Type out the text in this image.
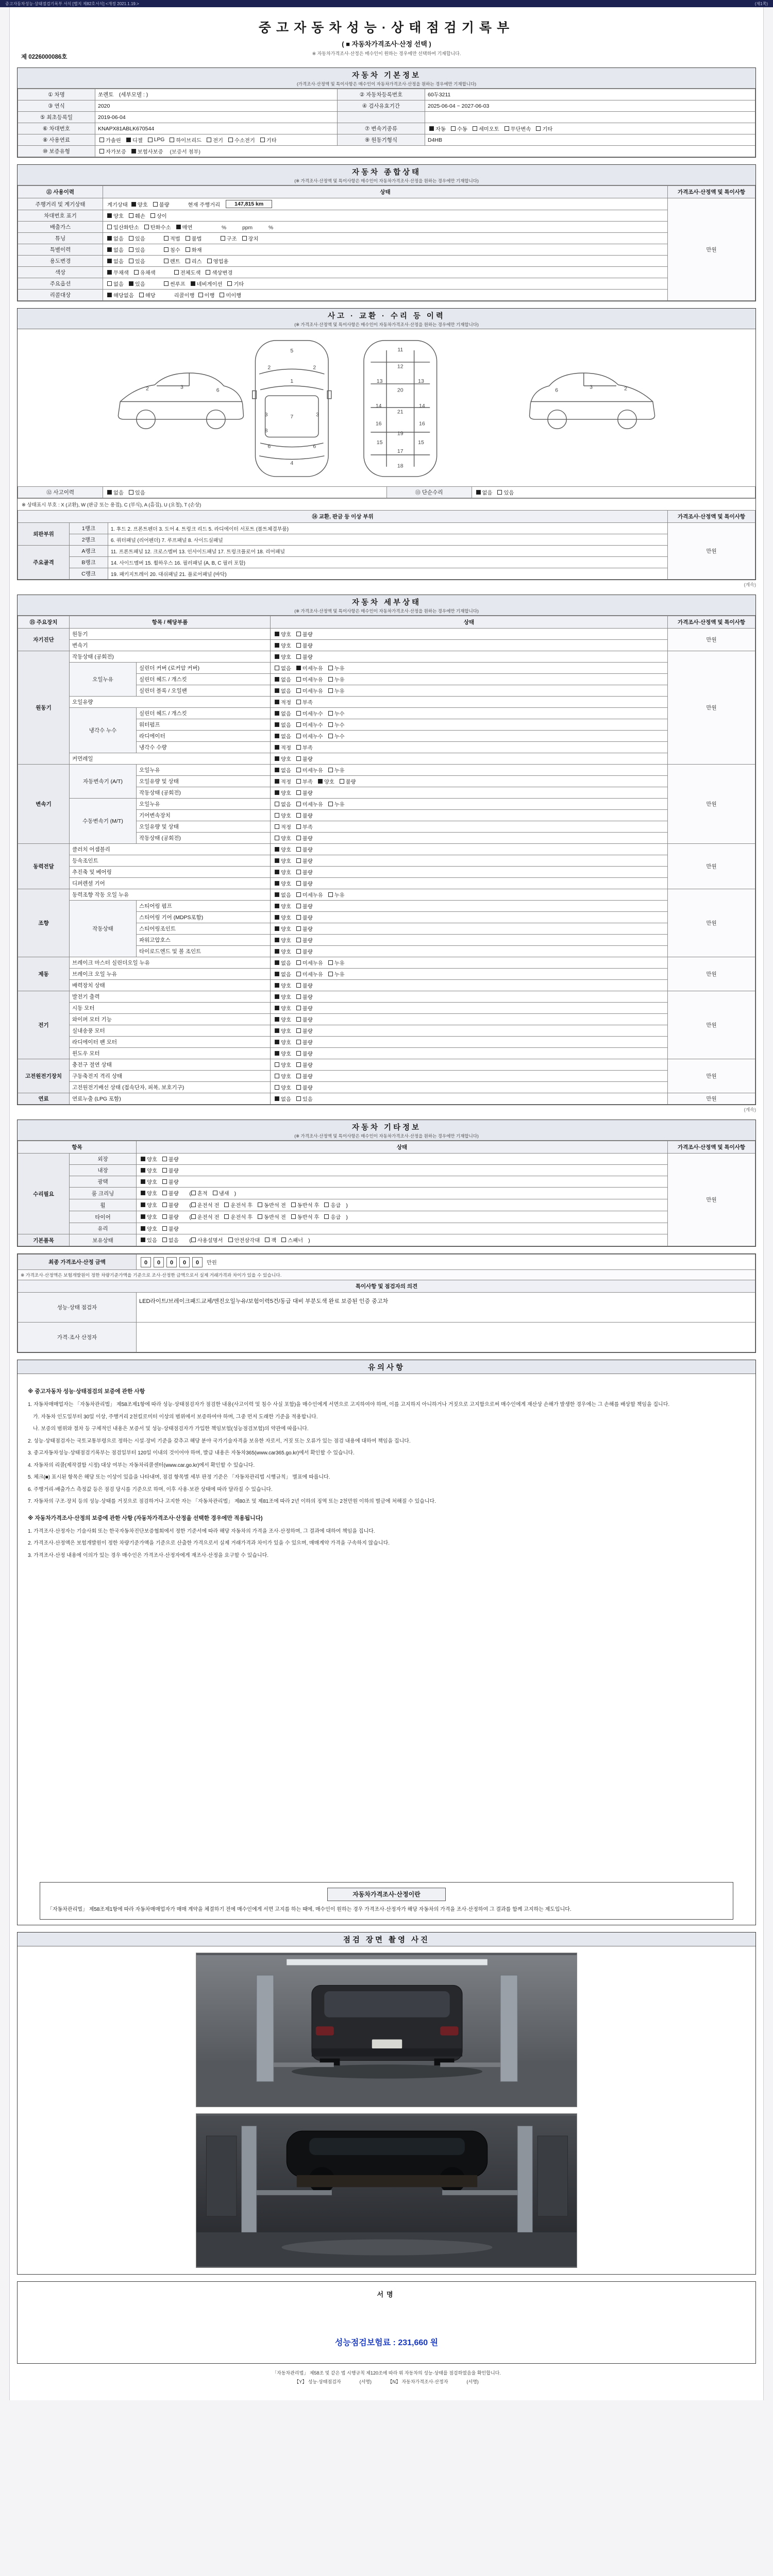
중고자동차성능·상태점검기록부 서식 [별지 제82호서식] <개정 2021.1.19.>	(제1쪽)
중고자동차성능·상태점검기록부
( ■ 자동차가격조사·산정 선택 )
※ 자동차가격조사·산정은 매수인이 원하는 경우에만 선택하여 기재합니다.
제 0226000086호
자동차 기본정보
(가격조사·산정액 및 특이사항은 매수인이 자동차가격조사·산정을 원하는 경우에만 기재합니다)
① 차명	쏘렌토　(세부모델 : )	② 자동차등록번호	60두3211
③ 연식	2020	④ 검사유효기간	2025-06-04 ~ 2027-06-03
⑤ 최초등록일	2019-06-04		
⑥ 차대번호	KNAPX81ABLK670544	⑦ 변속기종류	자동 수동 세미오토 무단변속 기타

⑧ 사용연료	가솔린 디젤 LPG 하이브리드 전기 수소전기 기타	⑨ 원동기형식	D4HB
⑩ 보증유형	자가보증 보험사보증 (보증서 첨부)		
자동차 종합상태
(※ 가격조사·산정액 및 특이사항은 매수인이 자동차가격조사·산정을 원하는 경우에만 기재합니다)
⑪ 사용이력	상태	가격조사·산정액 및 특이사항
주행거리 및 계기상태	계기상태 양호 불량 현재 주행거리 147,815 km	만원
차대번호 표기	양호 훼손 상이	

배출가스	일산화탄소 탄화수소 매연 　　%　　　ppm　　　%	

튜닝	없음 있음	적법 불법	구조 장치

특별이력	없음 있음 침수 화재	

용도변경	없음 있음 렌트 리스 영업용	

색상	무채색 유채색 전체도색 색상변경	

주요옵션	없음 있음 썬루프 네비게이션 기타	

리콜대상	해당없음 해당 리콜이행 이행 미이행	
사고 · 교환 · 수리 등 이력
(※ 가격조사·산정액 및 특이사항은 매수인이 자동차가격조사·산정을 원하는 경우에만 기재합니다)
2	3	6
5
2	2
1
3	7	3
8
6	6
4
11
12
13	13
20
14	14
21
16	16
19
15	15
17
18
6	3	2
⑫ 사고이력	없음 있음	⑬ 단순수리	없음 있음
※ 상태표시 부호 : X (교환), W (판금 또는 용접), C (부식), A (흠집), U (요철), T (손상)
⑭ 교환, 판금 등 이상 부위			가격조사·산정액 및 특이사항
외판부위	1랭크	1. 후드 2. 프론트펜더 3. 도어 4. 트렁크 리드 5. 라디에이터 서포트 (볼트체결부품)	만원
	2랭크	6. 쿼터패널 (리어펜더) 7. 루프패널 8. 사이드실패널	
주요골격	A랭크	11. 프론트패널 12. 크로스멤버 13. 인사이드패널 17. 트렁크플로어 18. 리어패널	
	B랭크	14. 사이드멤버 15. 휠하우스 16. 필러패널 (A, B, C 필러 포함)	
	C랭크	19. 패키지트레이 20. 대쉬패널 21. 플로어패널 (바닥)	
(계속)
자동차 세부상태
(※ 가격조사·산정액 및 특이사항은 매수인이 자동차가격조사·산정을 원하는 경우에만 기재합니다)
⑮ 주요장치	항목 / 해당부품		상태	가격조사·산정액 및 특이사항
자기진단	원동기		양호 불량	만원
	변속기		양호 불량	

원동기	작동상태 (공회전)		양호 불량	만원
	오일누유	실린더 커버 (로커암 커버)	없음 미세누유 누유	

		실린더 헤드 / 개스킷	없음 미세누유 누유	

		실린더 블록 / 오일팬	없음 미세누유 누유	

	오일유량		적정 부족	

	냉각수 누수	실린더 헤드 / 개스킷	없음 미세누수 누수	

		워터펌프	없음 미세누수 누수	

		라디에이터	없음 미세누수 누수	

		냉각수 수량	적정 부족	

	커먼레일		양호 불량	

변속기	자동변속기 (A/T)	오일누유	없음 미세누유 누유	만원
		오일유량 및 상태	적정 부족 양호 불량	

		작동상태 (공회전)	양호 불량	

	수동변속기 (M/T)	오일누유	없음 미세누유 누유	

		기어변속장치	양호 불량	

		오일유량 및 상태	적정 부족	

		작동상태 (공회전)	양호 불량	

동력전달	클러치 어셈블리		양호 불량	만원
	등속조인트		양호 불량	

	추진축 및 베어링		양호 불량	

	디퍼렌셜 기어		양호 불량	

조향	동력조향 작동 오일 누유		없음 미세누유 누유	만원
	작동상태	스티어링 펌프	양호 불량	

		스티어링 기어 (MDPS포함)	양호 불량	

		스티어링조인트	양호 불량	

		파워고압호스	양호 불량	

		타이로드엔드 및 볼 조인트	양호 불량	

제동	브레이크 마스터 실린더오일 누유		없음 미세누유 누유	만원
	브레이크 오일 누유		없음 미세누유 누유	

	배력장치 상태		양호 불량	

전기	발전기 출력		양호 불량	만원
	시동 모터		양호 불량	

	와이퍼 모터 기능		양호 불량	

	실내송풍 모터		양호 불량	

	라디에이터 팬 모터		양호 불량	

	윈도우 모터		양호 불량	

고전원전기장치	충전구 절연 상태		양호 불량	만원
	구동축전지 격리 상태		양호 불량	

	고전원전기배선 상태 (접속단자, 피복, 보호기구)		양호 불량	

연료	연료누출 (LPG 포함)		없음 있음	만원
(계속)
자동차 기타정보
(※ 가격조사·산정액 및 특이사항은 매수인이 자동차가격조사·산정을 원하는 경우에만 기재합니다)
항목		상태	가격조사·산정액 및 특이사항
수리필요	외장	양호 불량	만원
	내장	양호 불량	

	광택	양호 불량	

룸 크리닝	양호 불량 　( 흔적 냄새 )
휠	양호 불량 　( 운전석 전 운전석 후 동반석 전 동반석 후 응급 )
타이어	양호 불량 　( 운전석 전 운전석 후 동반석 전 동반석 후 응급 )
	유리	양호 불량	

기본품목	보유상태	있음 없음 　( 사용설명서 안전삼각대 잭 스패너 )
최종 가격조사·산정 금액	0 0 0 0 0 만원
※ 가격조사·산정액은 보험개발원이 정한 차량기준가액을 기준으로 조사·산정한 금액으로서 실제 거래가격과 차이가 있을 수 있습니다.	
특이사항 및 점검자의 의견	
성능·상태 점검자	LED라이트/브레이크패드교체/엔진오일누유/보험이력5건/동급 대비 부분도색 완료 보증된 인증 중고차
가격·조사 산정자	
유의사항
※ 중고자동차 성능·상태점검의 보증에 관한 사항
1. 자동차매매업자는 「자동차관리법」 제58조제1항에 따라 성능·상태점검자가 점검한 내용(사고이력 및 침수 사실 포함)을 매수인에게 서면으로 고지하여야 하며, 이를 고지하지 아니하거나 거짓으로 고지함으로써 매수인에게 재산상 손해가 발생한 경우에는 그 손해를 배상할 책임을 집니다.
　가. 자동차 인도일부터 30일 이상, 주행거리 2천킬로미터 이상의 범위에서 보증하여야 하며, 그중 먼저 도래한 기준을 적용합니다.
　나. 보증의 범위와 절차 등 구체적인 내용은 보증서 및 성능·상태점검자가 가입한 책임보험(성능점검보험)의 약관에 따릅니다.
2. 성능·상태점검자는 국토교통부령으로 정하는 시설·장비 기준을 갖추고 해당 분야 국가기술자격을 보유한 자로서, 거짓 또는 오류가 있는 점검 내용에 대하여 책임을 집니다.
3. 중고자동차성능·상태점검기록부는 점검일부터 120일 이내의 것이어야 하며, 발급 내용은 자동차365(www.car365.go.kr)에서 확인할 수 있습니다.
4. 자동차의 리콜(제작결함 시정) 대상 여부는 자동차리콜센터(www.car.go.kr)에서 확인할 수 있습니다.
5. 체크(■) 표시된 항목은 해당 또는 이상이 있음을 나타내며, 점검 항목별 세부 판정 기준은 「자동차관리법 시행규칙」 별표에 따릅니다.
6. 주행거리·배출가스 측정값 등은 점검 당시를 기준으로 하며, 이후 사용·보관 상태에 따라 달라질 수 있습니다.
7. 자동차의 구조·장치 등의 성능·상태를 거짓으로 점검하거나 고지한 자는 「자동차관리법」 제80조 및 제81조에 따라 2년 이하의 징역 또는 2천만원 이하의 벌금에 처해질 수 있습니다.
※ 자동차가격조사·산정의 보증에 관한 사항 (자동차가격조사·산정을 선택한 경우에만 적용됩니다)
1. 가격조사·산정자는 기술사회 또는 한국자동차진단보증협회에서 정한 기준서에 따라 해당 자동차의 가격을 조사·산정하며, 그 결과에 대하여 책임을 집니다.
2. 가격조사·산정액은 보험개발원이 정한 차량기준가액을 기준으로 산출한 가격으로서 실제 거래가격과 차이가 있을 수 있으며, 매매계약 가격을 구속하지 않습니다.
3. 가격조사·산정 내용에 이의가 있는 경우 매수인은 가격조사·산정자에게 재조사·산정을 요구할 수 있습니다.
자동차가격조사·산정이란
「자동차관리법」 제58조제1항에 따라 자동차매매업자가 매매 계약을 체결하기 전에 매수인에게 서면 고지를 하는 때에, 매수인이 원하는 경우 가격조사·산정자가 해당 자동차의 가격을 조사·산정하여 그 결과를 함께 고지하는 제도입니다.
점검 장면 촬영 사진
서명
성능점검보험료 : 231,660 원
「자동차관리법」 제58조 및 같은 법 시행규칙 제120조에 따라 위 자동차의 성능·상태를 점검하였음을 확인합니다.
【Y】 성능·상태점검자　　　　(서명)　　　　【N】 자동차가격조사·산정자　　　　(서명)
